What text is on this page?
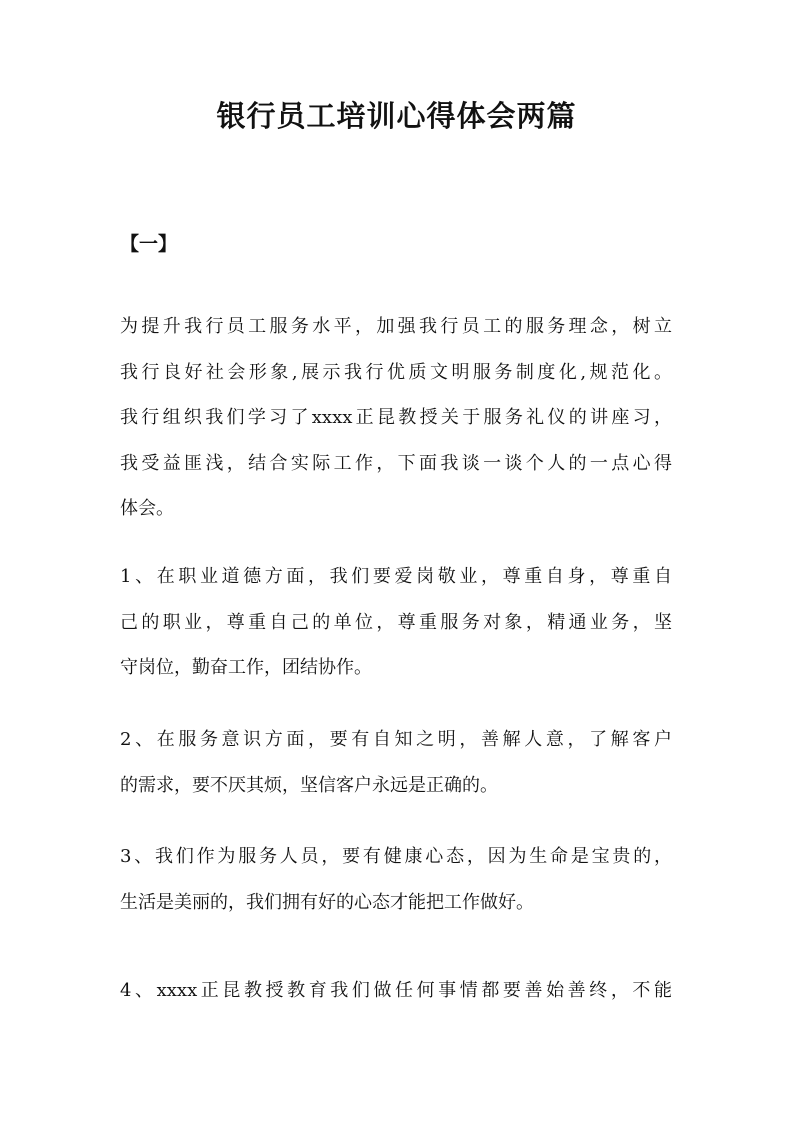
银行员工培训心得体会两篇
【一】
为提升我行员工服务水平，加强我行员工的服务理念，树立
我行良好社会形象,展示我行优质文明服务制度化,规范化。
我行组织我们学习了xxxx正昆教授关于服务礼仪的讲座习，
我受益匪浅，结合实际工作，下面我谈一谈个人的一点心得
体会。
1、在职业道德方面，我们要爱岗敬业，尊重自身，尊重自
己的职业，尊重自己的单位，尊重服务对象，精通业务，坚
守岗位，勤奋工作，团结协作。
2、在服务意识方面，要有自知之明，善解人意，了解客户
的需求，要不厌其烦，坚信客户永远是正确的。
3、我们作为服务人员，要有健康心态，因为生命是宝贵的，
生活是美丽的，我们拥有好的心态才能把工作做好。
4、xxxx正昆教授教育我们做任何事情都要善始善终，不能
